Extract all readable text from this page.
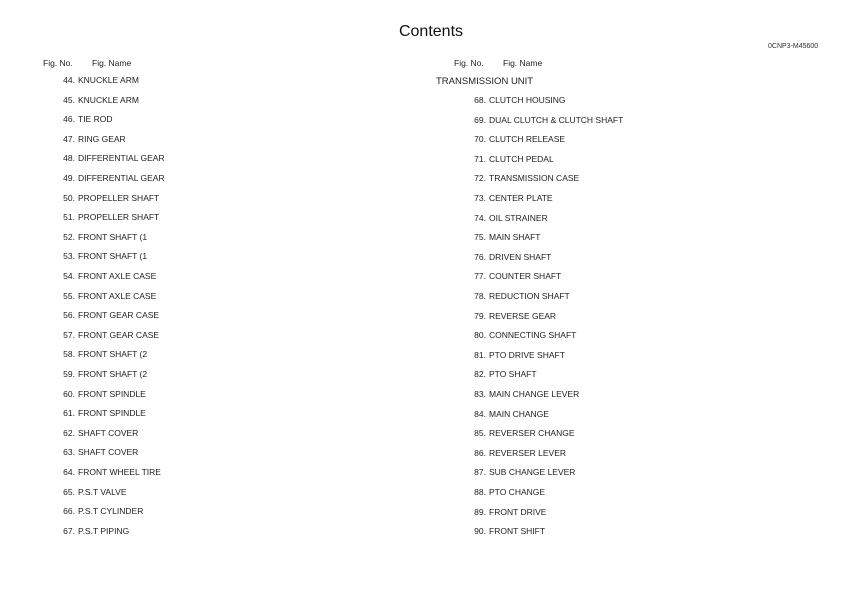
Contents
0CNP3-M45600
Fig. No. Fig. Name	Fig. No. Fig. Name
TRANSMISSION UNIT
44. KNUCKLE ARM
45. KNUCKLE ARM
46. TIE ROD
47. RING GEAR
48. DIFFERENTIAL GEAR
49. DIFFERENTIAL GEAR
50. PROPELLER SHAFT
51. PROPELLER SHAFT
52. FRONT SHAFT (1
53. FRONT SHAFT (1
54. FRONT AXLE CASE
55. FRONT AXLE CASE
56. FRONT GEAR CASE
57. FRONT GEAR CASE
58. FRONT SHAFT (2
59. FRONT SHAFT (2
60. FRONT SPINDLE
61. FRONT SPINDLE
62. SHAFT COVER
63. SHAFT COVER
64. FRONT WHEEL TIRE
65. P.S.T VALVE
66. P.S.T CYLINDER
67. P.S.T PIPING
68. CLUTCH HOUSING
69. DUAL CLUTCH & CLUTCH SHAFT
70. CLUTCH RELEASE
71. CLUTCH PEDAL
72. TRANSMISSION CASE
73. CENTER PLATE
74. OIL STRAINER
75. MAIN SHAFT
76. DRIVEN SHAFT
77. COUNTER SHAFT
78. REDUCTION SHAFT
79. REVERSE GEAR
80. CONNECTING SHAFT
81. PTO DRIVE SHAFT
82. PTO SHAFT
83. MAIN CHANGE LEVER
84. MAIN CHANGE
85. REVERSER CHANGE
86. REVERSER LEVER
87. SUB CHANGE LEVER
88. PTO CHANGE
89. FRONT DRIVE
90. FRONT SHIFT
